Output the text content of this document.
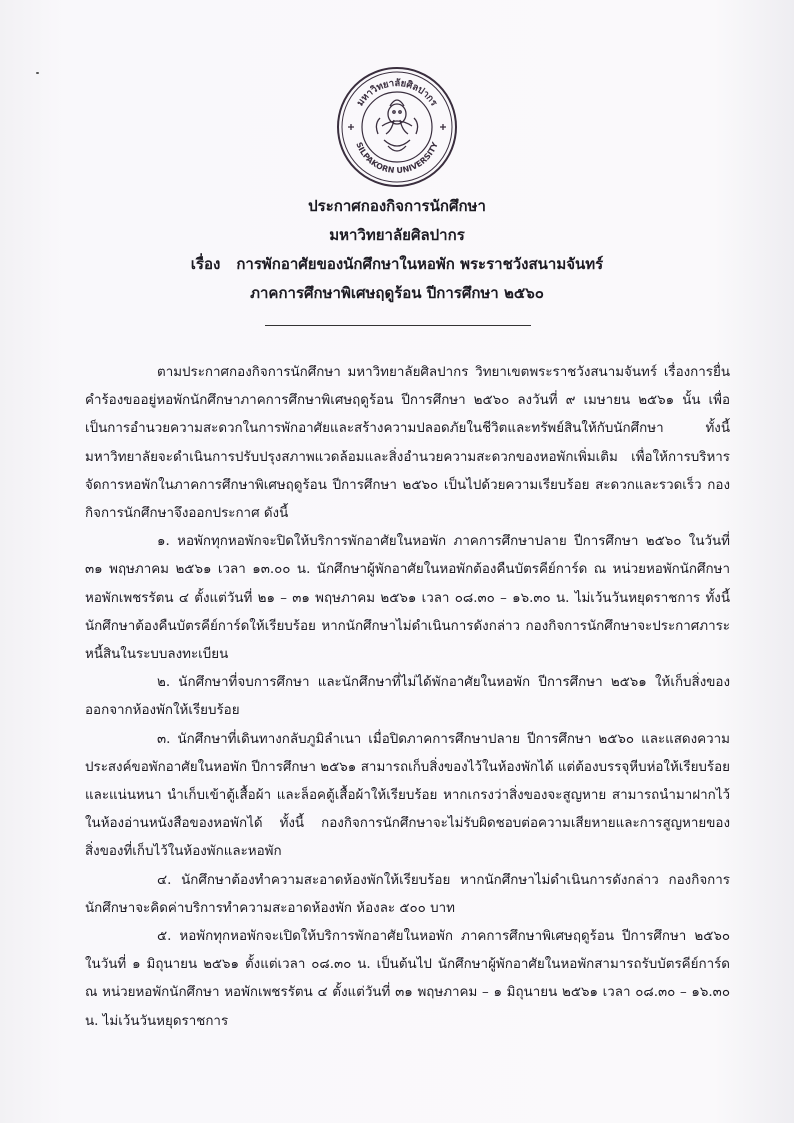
มหาวิทยาลัยศิลปากร
SILPAKORN UNIVERSITY
ประกาศกองกิจการนักศึกษา
มหาวิทยาลัยศิลปากร
เรื่อง การพักอาศัยของนักศึกษาในหอพัก พระราชวังสนามจันทร์
ภาคการศึกษาพิเศษฤดูร้อน ปีการศึกษา ๒๕๖๐

ตามประกาศกองกิจการนักศึกษา มหาวิทยาลัยศิลปากร วิทยาเขตพระราชวังสนามจันทร์ เรื่องการยื่นคำร้องขออยู่หอพักนักศึกษาภาคการศึกษาพิเศษฤดูร้อน ปีการศึกษา ๒๕๖๐ ลงวันที่ ๙ เมษายน ๒๕๖๑ นั้น เพื่อเป็นการอำนวยความสะดวกในการพักอาศัยและสร้างความปลอดภัยในชีวิตและทรัพย์สินให้กับนักศึกษา ทั้งนี้ มหาวิทยาลัยจะดำเนินการปรับปรุงสภาพแวดล้อมและสิ่งอำนวยความสะดวกของหอพักเพิ่มเติม เพื่อให้การบริหารจัดการหอพักในภาคการศึกษาพิเศษฤดูร้อน ปีการศึกษา ๒๕๖๐ เป็นไปด้วยความเรียบร้อย สะดวกและรวดเร็ว กองกิจการนักศึกษาจึงออกประกาศ ดังนี้

๑. หอพักทุกหอพักจะปิดให้บริการพักอาศัยในหอพัก ภาคการศึกษาปลาย ปีการศึกษา ๒๕๖๐ ในวันที่ ๓๑ พฤษภาคม ๒๕๖๑ เวลา ๑๓.๐๐ น. นักศึกษาผู้พักอาศัยในหอพักต้องคืนบัตรคีย์การ์ด ณ หน่วยหอพักนักศึกษา หอพักเพชรรัตน ๔ ตั้งแต่วันที่ ๒๑ – ๓๑ พฤษภาคม ๒๕๖๑ เวลา ๐๘.๓๐ – ๑๖.๓๐ น. ไม่เว้นวันหยุดราชการ ทั้งนี้ นักศึกษาต้องคืนบัตรคีย์การ์ดให้เรียบร้อย หากนักศึกษาไม่ดำเนินการดังกล่าว กองกิจการนักศึกษาจะประกาศภาระหนี้สินในระบบลงทะเบียน

๒. นักศึกษาที่จบการศึกษา และนักศึกษาที่ไม่ได้พักอาศัยในหอพัก ปีการศึกษา ๒๕๖๑ ให้เก็บสิ่งของออกจากห้องพักให้เรียบร้อย

๓. นักศึกษาที่เดินทางกลับภูมิลำเนา เมื่อปิดภาคการศึกษาปลาย ปีการศึกษา ๒๕๖๐ และแสดงความประสงค์ขอพักอาศัยในหอพัก ปีการศึกษา ๒๕๖๑ สามารถเก็บสิ่งของไว้ในห้องพักได้ แต่ต้องบรรจุหีบห่อให้เรียบร้อยและแน่นหนา นำเก็บเข้าตู้เสื้อผ้า และล็อคตู้เสื้อผ้าให้เรียบร้อย หากเกรงว่าสิ่งของจะสูญหาย สามารถนำมาฝากไว้ในห้องอ่านหนังสือของหอพักได้ ทั้งนี้ กองกิจการนักศึกษาจะไม่รับผิดชอบต่อความเสียหายและการสูญหายของสิ่งของที่เก็บไว้ในห้องพักและหอพัก

๔. นักศึกษาต้องทำความสะอาดห้องพักให้เรียบร้อย หากนักศึกษาไม่ดำเนินการดังกล่าว กองกิจการนักศึกษาจะคิดค่าบริการทำความสะอาดห้องพัก ห้องละ ๕๐๐ บาท

๕. หอพักทุกหอพักจะเปิดให้บริการพักอาศัยในหอพัก ภาคการศึกษาพิเศษฤดูร้อน ปีการศึกษา ๒๕๖๐ ในวันที่ ๑ มิถุนายน ๒๕๖๑ ตั้งแต่เวลา ๐๘.๓๐ น. เป็นต้นไป นักศึกษาผู้พักอาศัยในหอพักสามารถรับบัตรคีย์การ์ด ณ หน่วยหอพักนักศึกษา หอพักเพชรรัตน ๔ ตั้งแต่วันที่ ๓๑ พฤษภาคม – ๑ มิถุนายน ๒๕๖๑ เวลา ๐๘.๓๐ – ๑๖.๓๐ น. ไม่เว้นวันหยุดราชการ
